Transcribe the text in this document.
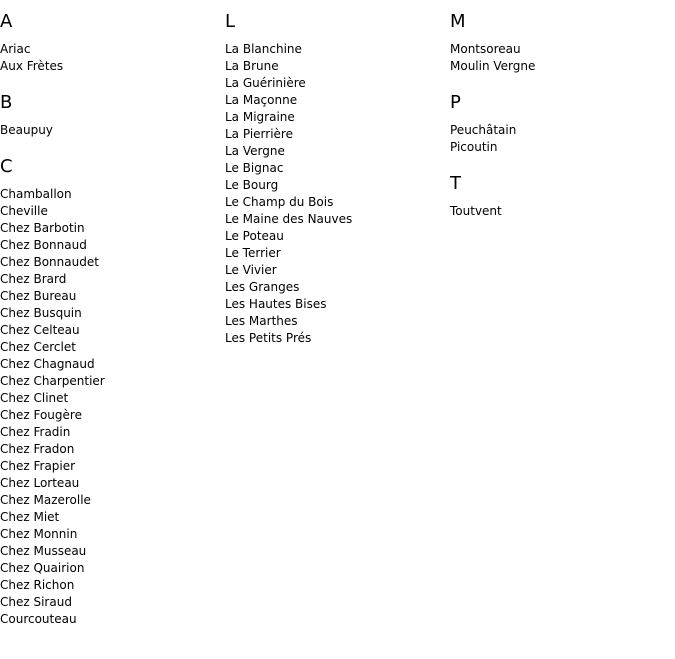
A
Ariac
Aux Frètes
B
Beaupuy
C
Chamballon
Cheville
Chez Barbotin
Chez Bonnaud
Chez Bonnaudet
Chez Brard
Chez Bureau
Chez Busquin
Chez Celteau
Chez Cerclet
Chez Chagnaud
Chez Charpentier
Chez Clinet
Chez Fougère
Chez Fradin
Chez Fradon
Chez Frapier
Chez Lorteau
Chez Mazerolle
Chez Miet
Chez Monnin
Chez Musseau
Chez Quairion
Chez Richon
Chez Siraud
Courcouteau
L
La Blanchine
La Brune
La Guérinière
La Maçonne
La Migraine
La Pierrière
La Vergne
Le Bignac
Le Bourg
Le Champ du Bois
Le Maine des Nauves
Le Poteau
Le Terrier
Le Vivier
Les Granges
Les Hautes Bises
Les Marthes
Les Petits Prés
M
Montsoreau
Moulin Vergne
P
Peuchâtain
Picoutin
T
Toutvent
